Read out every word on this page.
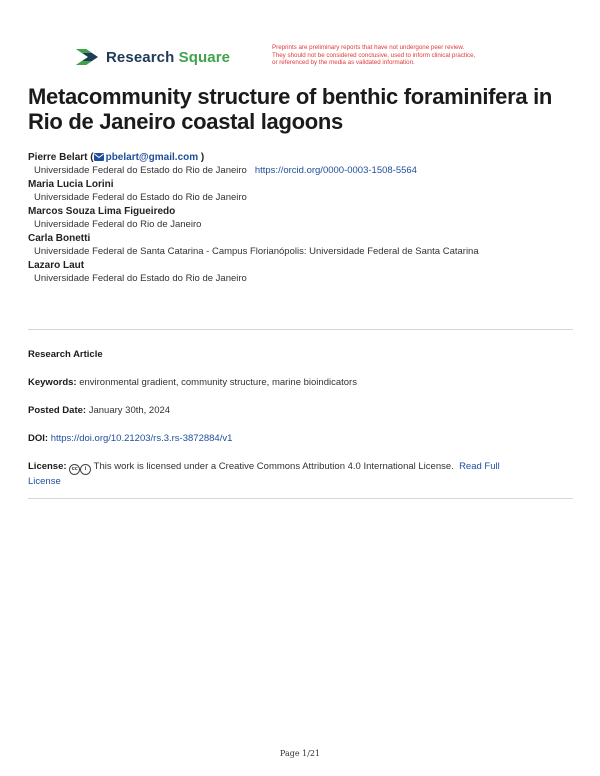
Research Square
Preprints are preliminary reports that have not undergone peer review.
They should not be considered conclusive, used to inform clinical practice,
or referenced by the media as validated information.
Metacommunity structure of benthic foraminifera in
Rio de Janeiro coastal lagoons
Pierre Belart ( pbelart@gmail.com )
Universidade Federal do Estado do Rio de Janeiro https://orcid.org/0000-0003-1508-5564
Maria Lucia Lorini
Universidade Federal do Estado do Rio de Janeiro
Marcos Souza Lima Figueiredo
Universidade Federal do Rio de Janeiro
Carla Bonetti
Universidade Federal de Santa Catarina - Campus Florianópolis: Universidade Federal de Santa Catarina
Lazaro Laut
Universidade Federal do Estado do Rio de Janeiro
Research Article
Keywords: environmental gradient, community structure, marine bioindicators
Posted Date: January 30th, 2024
DOI: https://doi.org/10.21203/rs.3.rs-3872884/v1
License: cc i This work is licensed under a Creative Commons Attribution 4.0 International License. Read Full
License
Page 1/21
